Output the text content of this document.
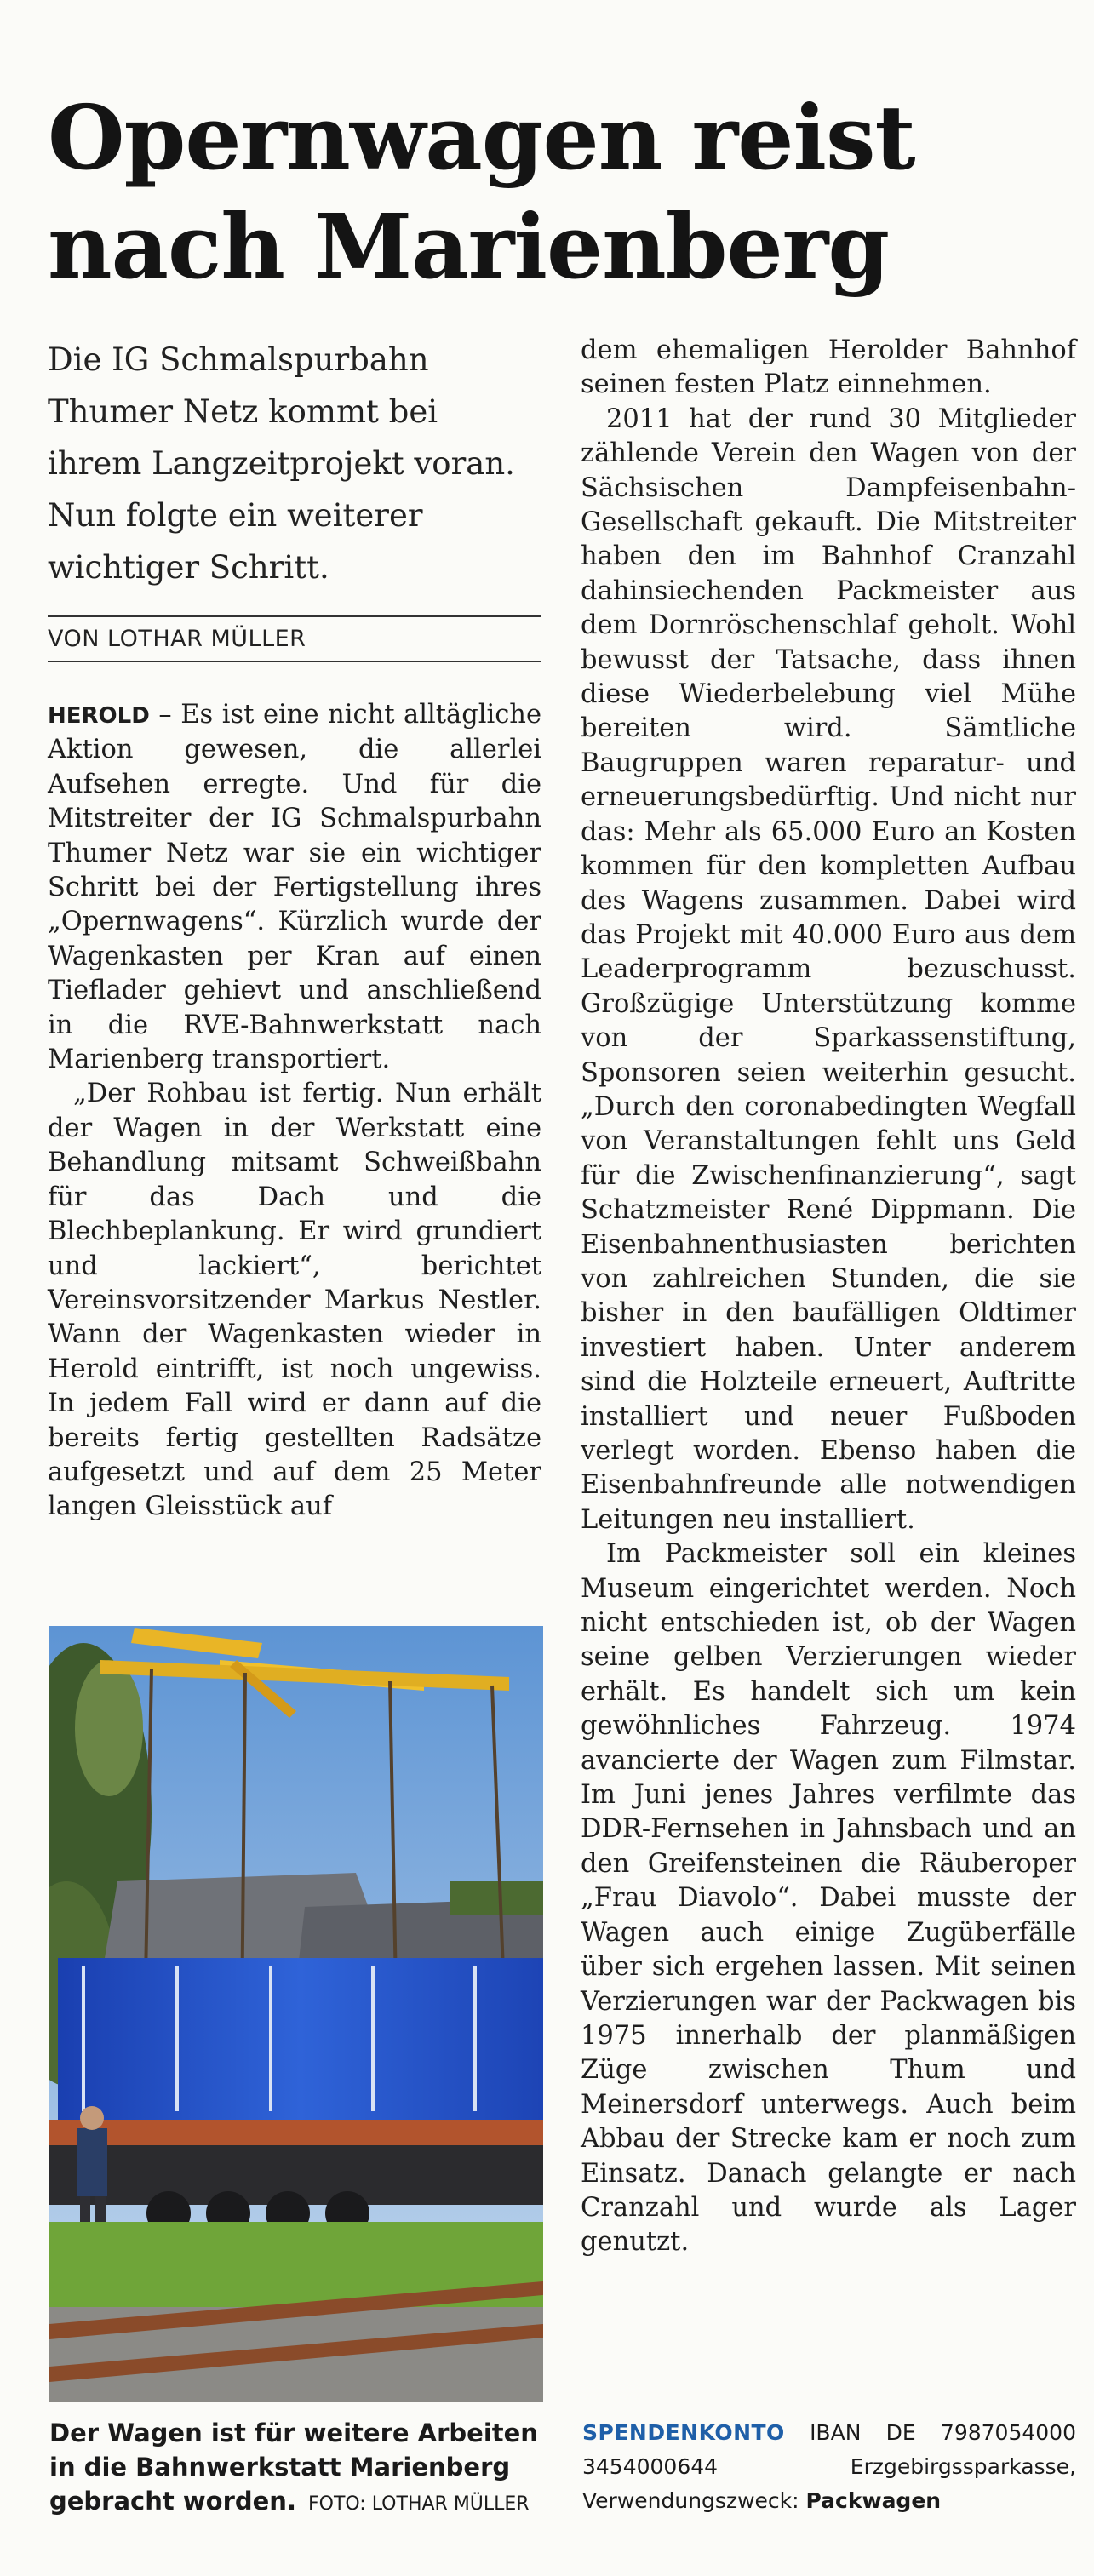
Opernwagen reist
nach Marienberg

Die IG Schmalspurbahn Thumer Netz kommt bei ihrem Langzeitprojekt voran. Nun folgte ein weiterer wichtiger Schritt.

VON LOTHAR MÜLLER

HEROLD – Es ist eine nicht alltägliche Aktion gewesen, die allerlei Aufsehen erregte. Und für die Mitstreiter der IG Schmalspurbahn Thumer Netz war sie ein wichtiger Schritt bei der Fertigstellung ihres „Opernwagens“. Kürzlich wurde der Wagenkasten per Kran auf einen Tieflader gehievt und anschließend in die RVE-Bahnwerkstatt nach Marienberg transportiert.

„Der Rohbau ist fertig. Nun erhält der Wagen in der Werkstatt eine Behandlung mitsamt Schweißbahn für das Dach und die Blechbeplankung. Er wird grundiert und lackiert“, berichtet Vereinsvorsitzender Markus Nestler. Wann der Wagenkasten wieder in Herold eintrifft, ist noch ungewiss. In jedem Fall wird er dann auf die bereits fertig gestellten Radsätze aufgesetzt und auf dem 25 Meter langen Gleisstück auf

Der Wagen ist für weitere Arbeiten in die Bahnwerkstatt Marienberg gebracht worden. FOTO: LOTHAR MÜLLER

dem ehemaligen Herolder Bahnhof seinen festen Platz einnehmen.

2011 hat der rund 30 Mitglieder zählende Verein den Wagen von der Sächsischen Dampfeisenbahn-Gesellschaft gekauft. Die Mitstreiter haben den im Bahnhof Cranzahl dahinsiechenden Packmeister aus dem Dornröschenschlaf geholt. Wohl bewusst der Tatsache, dass ihnen diese Wiederbelebung viel Mühe bereiten wird. Sämtliche Baugruppen waren reparatur- und erneuerungsbedürftig. Und nicht nur das: Mehr als 65.000 Euro an Kosten kommen für den kompletten Aufbau des Wagens zusammen. Dabei wird das Projekt mit 40.000 Euro aus dem Leaderprogramm bezuschusst. Großzügige Unterstützung komme von der Sparkassenstiftung, Sponsoren seien weiterhin gesucht. „Durch den coronabedingten Wegfall von Veranstaltungen fehlt uns Geld für die Zwischenfinanzierung“, sagt Schatzmeister René Dippmann. Die Eisenbahnenthusiasten berichten von zahlreichen Stunden, die sie bisher in den baufälligen Oldtimer investiert haben. Unter anderem sind die Holzteile erneuert, Auftritte installiert und neuer Fußboden verlegt worden. Ebenso haben die Eisenbahnfreunde alle notwendigen Leitungen neu installiert.

Im Packmeister soll ein kleines Museum eingerichtet werden. Noch nicht entschieden ist, ob der Wagen seine gelben Verzierungen wieder erhält. Es handelt sich um kein gewöhnliches Fahrzeug. 1974 avancierte der Wagen zum Filmstar. Im Juni jenes Jahres verfilmte das DDR-Fernsehen in Jahnsbach und an den Greifensteinen die Räuberoper „Frau Diavolo“. Dabei musste der Wagen auch einige Zugüberfälle über sich ergehen lassen. Mit seinen Verzierungen war der Packwagen bis 1975 innerhalb der planmäßigen Züge zwischen Thum und Meinersdorf unterwegs. Auch beim Abbau der Strecke kam er noch zum Einsatz. Danach gelangte er nach Cranzahl und wurde als Lager genutzt.

SPENDENKONTO IBAN DE 7987054000 3454000644 Erzgebirgssparkasse, Verwendungszweck: Packwagen
